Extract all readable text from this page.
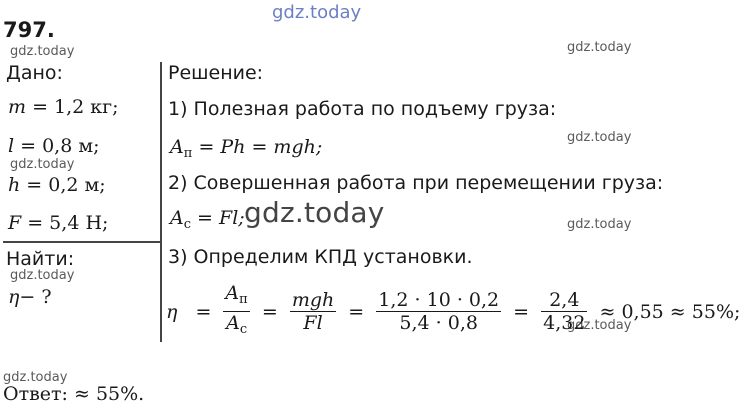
797.
gdz.today
gdz.today	gdz.today
gdz.today
gdz.today
gdz.today
gdz.today
gdz.today
gdz.today
gdz.today
Дано:
m = 1,2 кг;
l = 0,8 м;
h = 0,2 м;
F = 5,4 Н;
Найти:
η− ?
Решение:
1) Полезная работа по подъему груза:
$A_п = Ph$ = mgh;
2) Совершенная работа при перемещении груза:
$A_с = Fl$;
3) Определим КПД установки.
$\eta = \frac{A_п}{A_с} = \frac{\text{mgh}}{Fl} = \frac{1,2 \cdot 10 \cdot 0,2}{5,4 \cdot 0,8} = \frac{2,4}{4,32} \approx 0,55 \approx 55\%$;
Ответ: ≈ 55%.
